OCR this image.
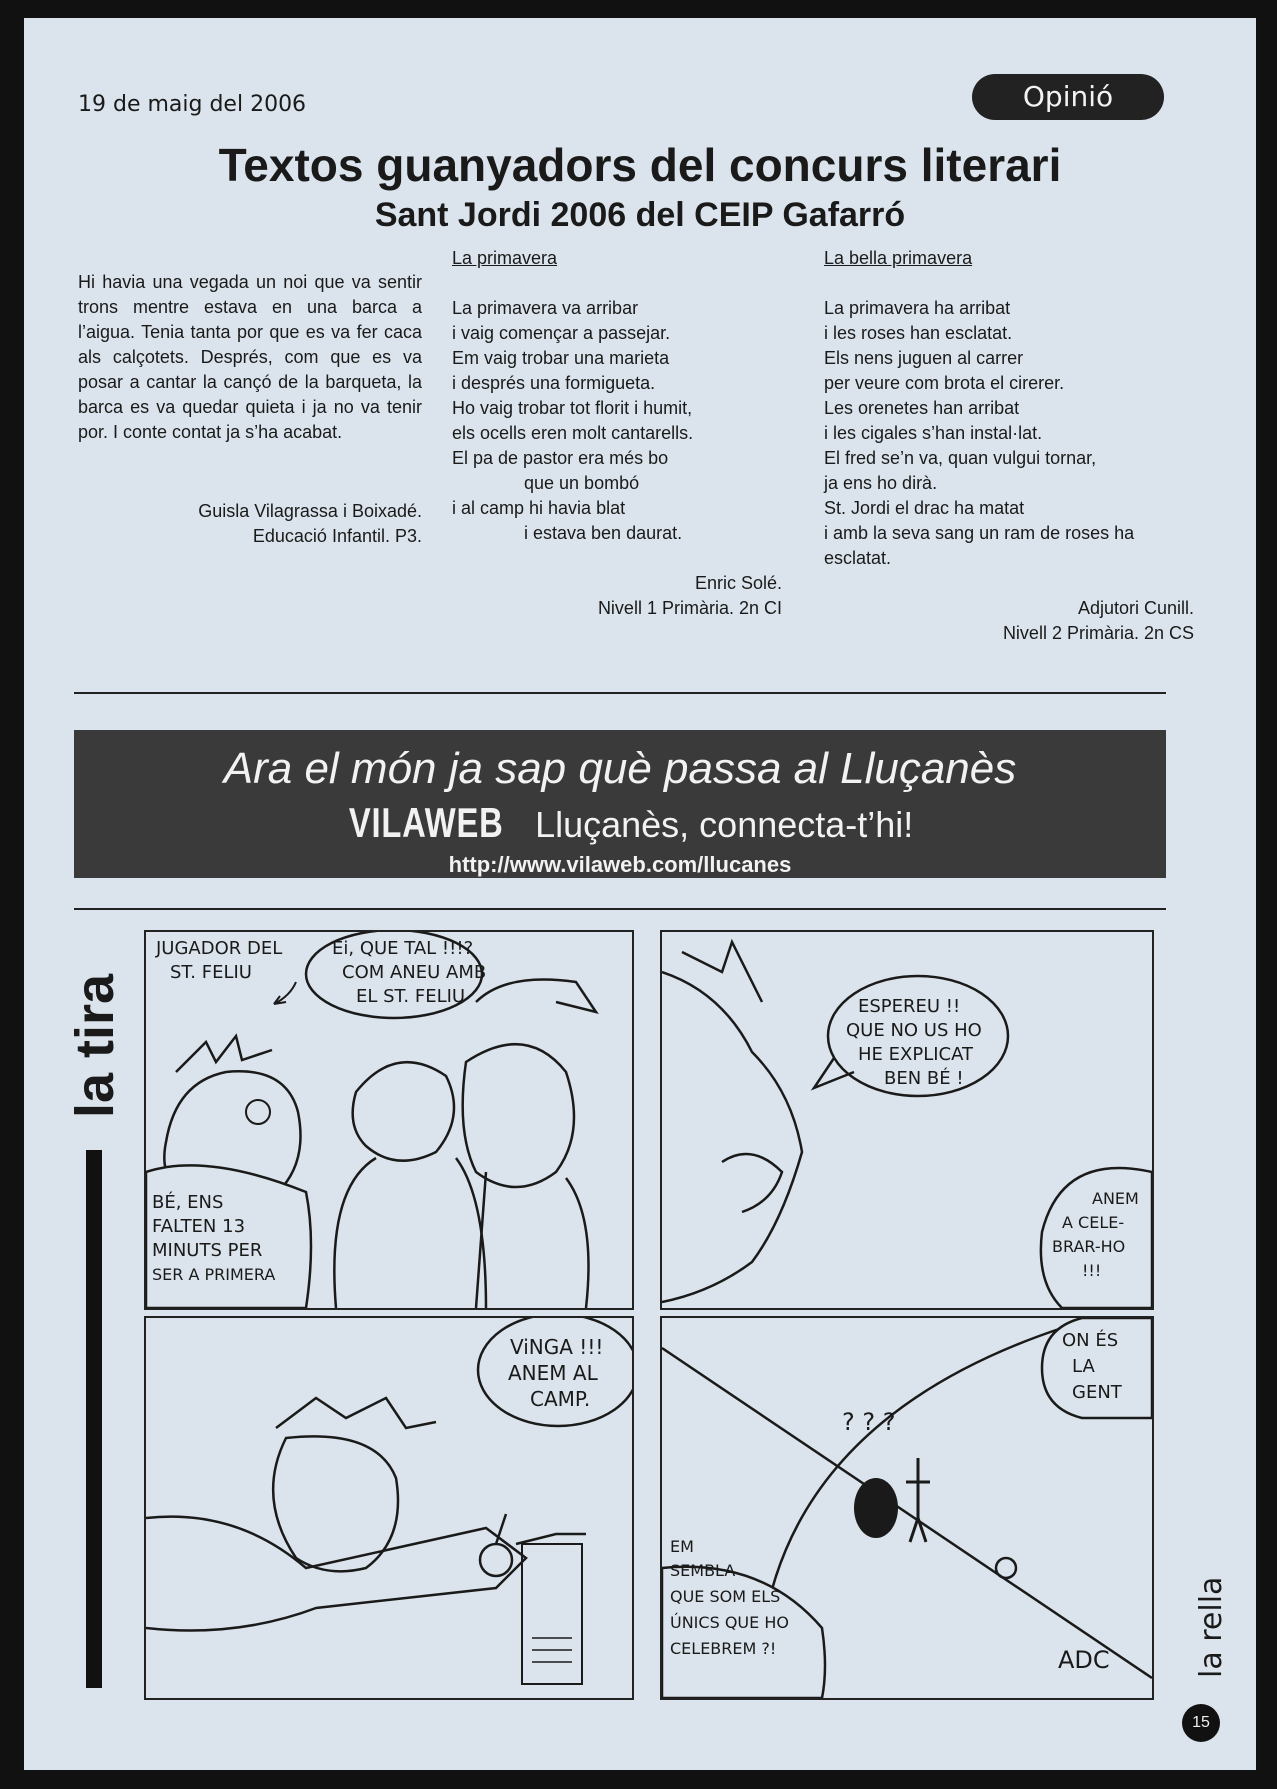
19 de maig del 2006	Opinió
Textos guanyadors del concurs literari
Sant Jordi 2006 del CEIP Gafarró
Hi havia una vegada un noi que va sentir trons mentre estava en una barca a l’aigua. Tenia tanta por que es va fer caca als calçotets. Després, com que es va posar a cantar la cançó de la barqueta, la barca es va quedar quieta i ja no va tenir por. I conte contat ja s’ha acabat.
Guisla Vilagrassa i Boixadé.
Educació Infantil. P3.
La primavera
La primavera va arribar
i vaig començar a passejar.
Em vaig trobar una marieta
i després una formigueta.
Ho vaig trobar tot florit i humit,
els ocells eren molt cantarells.
El pa de pastor era més bo
que un bombó
i al camp hi havia blat
i estava ben daurat.
Enric Solé.
Nivell 1 Primària. 2n CI
La bella primavera
La primavera ha arribat
i les roses han esclatat.
Els nens juguen al carrer
per veure com brota el cirerer.
Les orenetes han arribat
i les cigales s’han instal·lat.
El fred se’n va, quan vulgui tornar,
ja ens ho dirà.
St. Jordi el drac ha matat
i amb la seva sang un ram de roses ha
esclatat.
Adjutori Cunill.
Nivell 2 Primària. 2n CS
Ara el món ja sap què passa al Lluçanès
VILAWEB Lluçanès, connecta-t’hi!
http://www.vilaweb.com/llucanes
la tira
JUGADOR DEL
ST. FELIU
Ei, QUE TAL !!!?
COM ANEU AMB
EL ST. FELIU
BÉ, ENS
FALTEN 13
MINUTS PER
SER A PRIMERA
ESPEREU !!
QUE NO US HO
HE EXPLICAT
BEN BÉ !
ANEM
A CELE-
BRAR-HO
!!!
ViNGA !!!
ANEM AL
CAMP.
ON ÉS
LA
GENT
? ? ?
EM
SEMBLA
QUE SOM ELS
ÚNICS QUE HO
CELEBREM ?!	ADC	la rella
15
